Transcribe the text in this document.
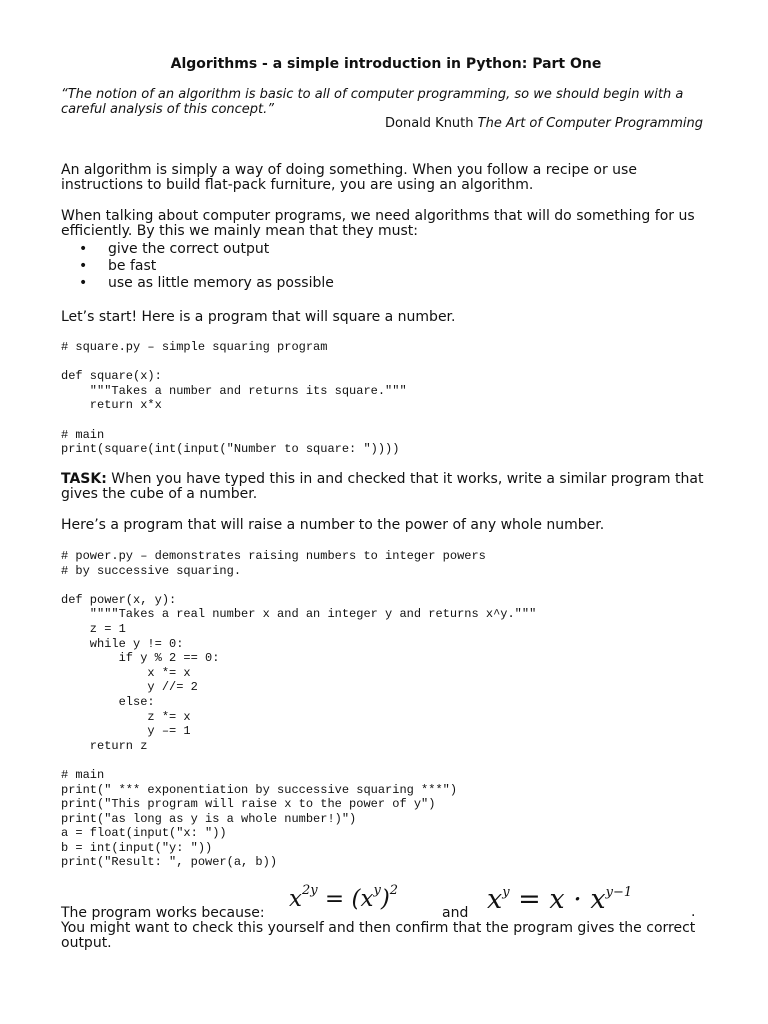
Algorithms - a simple introduction in Python: Part One
“The notion of an algorithm is basic to all of computer programming, so we should begin with a careful analysis of this concept.”
Donald Knuth The Art of Computer Programming

An algorithm is simply a way of doing something. When you follow a recipe or use instructions to build flat-pack furniture, you are using an algorithm.

When talking about computer programs, we need algorithms that will do something for us efficiently. By this we mainly mean that they must:

• give the correct output
• be fast
• use as little memory as possible

Let’s start! Here is a program that will square a number.

# square.py – simple squaring program

def square(x):
"""Takes a number and returns its square."""
return x*x

# main
print(square(int(input("Number to square: "))))

TASK: When you have typed this in and checked that it works, write a similar program that gives the cube of a number.

Here’s a program that will raise a number to the power of any whole number.

# power.py – demonstrates raising numbers to integer powers
# by successive squaring.

def power(x, y):
""""Takes a real number x and an integer y and returns x^y."""
z = 1
while y != 0:
if y % 2 == 0:
x *= x
y //= 2
else:
z *= x
y –= 1
return z

# main
print(" *** exponentiation by successive squaring ***")
print("This program will raise x to the power of y")
print("as long as y is a whole number!)")
a = float(input("x: "))
b = int(input("y: "))
print("Result: ", power(a, b))

The program works because:

$x^{2y} = (x^y)^2$
and $x^y = x \cdot x^{y-1}$
.

You might want to check this yourself and then confirm that the program gives the correct output.
